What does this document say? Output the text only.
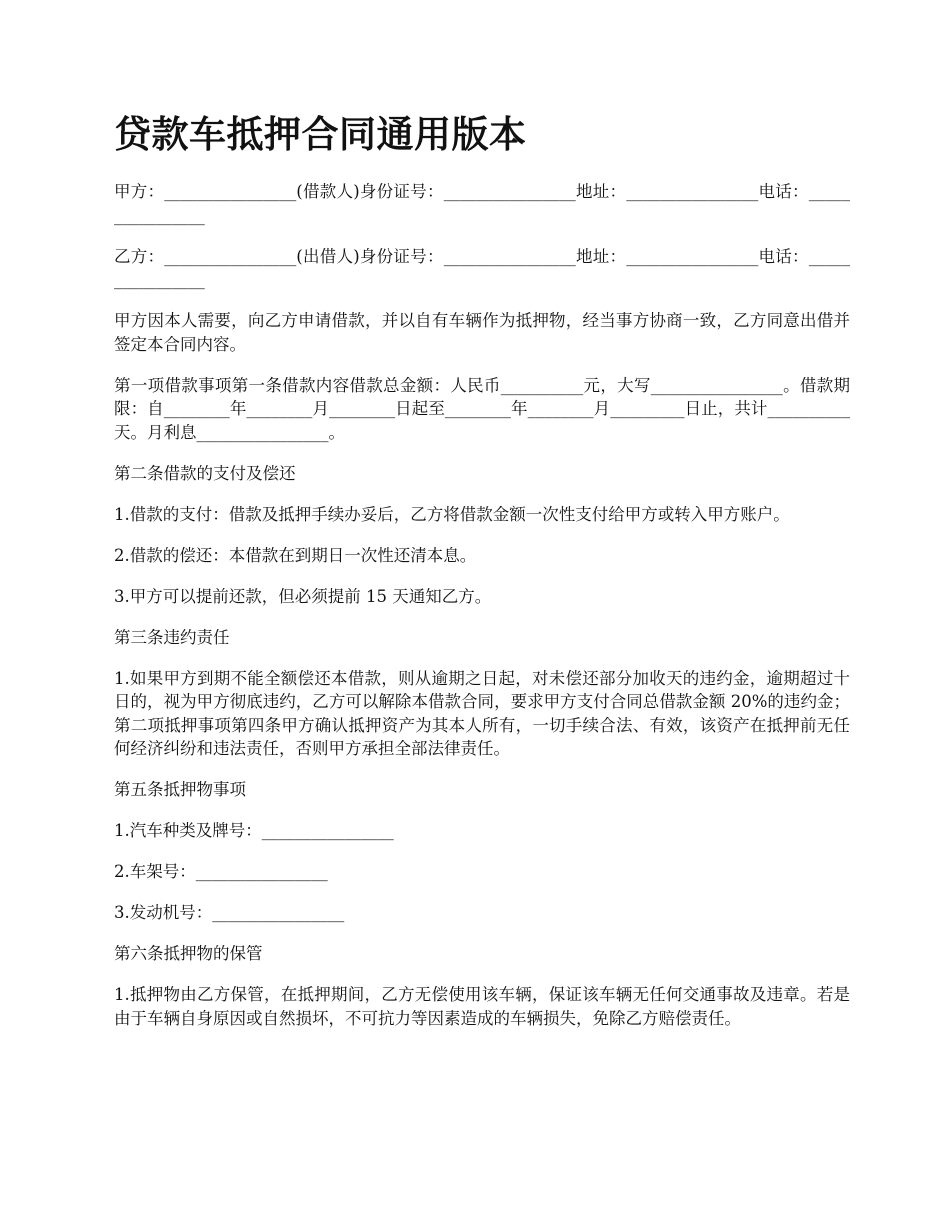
贷款车抵押合同通用版本

甲方：________________(借款人)身份证号：________________地址：________________电话：________________

乙方：________________(出借人)身份证号：________________地址：________________电话：________________

甲方因本人需要，向乙方申请借款，并以自有车辆作为抵押物，经当事方协商一致，乙方同意出借并签定本合同内容。

第一项借款事项第一条借款内容借款总金额：人民币__________元，大写________________。借款期限：自________年________月________日起至________年________月_________日止，共计__________天。月利息________________。

第二条借款的支付及偿还

1.借款的支付：借款及抵押手续办妥后，乙方将借款金额一次性支付给甲方或转入甲方账户。

2.借款的偿还：本借款在到期日一次性还清本息。

3.甲方可以提前还款，但必须提前 15 天通知乙方。

第三条违约责任

1.如果甲方到期不能全额偿还本借款，则从逾期之日起，对未偿还部分加收天的违约金，逾期超过十日的，视为甲方彻底违约，乙方可以解除本借款合同，要求甲方支付合同总借款金额 20%的违约金；第二项抵押事项第四条甲方确认抵押资产为其本人所有，一切手续合法、有效，该资产在抵押前无任何经济纠纷和违法责任，否则甲方承担全部法律责任。

第五条抵押物事项

1.汽车种类及牌号：________________

2.车架号：________________

3.发动机号：________________

第六条抵押物的保管

1.抵押物由乙方保管，在抵押期间，乙方无偿使用该车辆，保证该车辆无任何交通事故及违章。若是由于车辆自身原因或自然损坏，不可抗力等因素造成的车辆损失，免除乙方赔偿责任。
